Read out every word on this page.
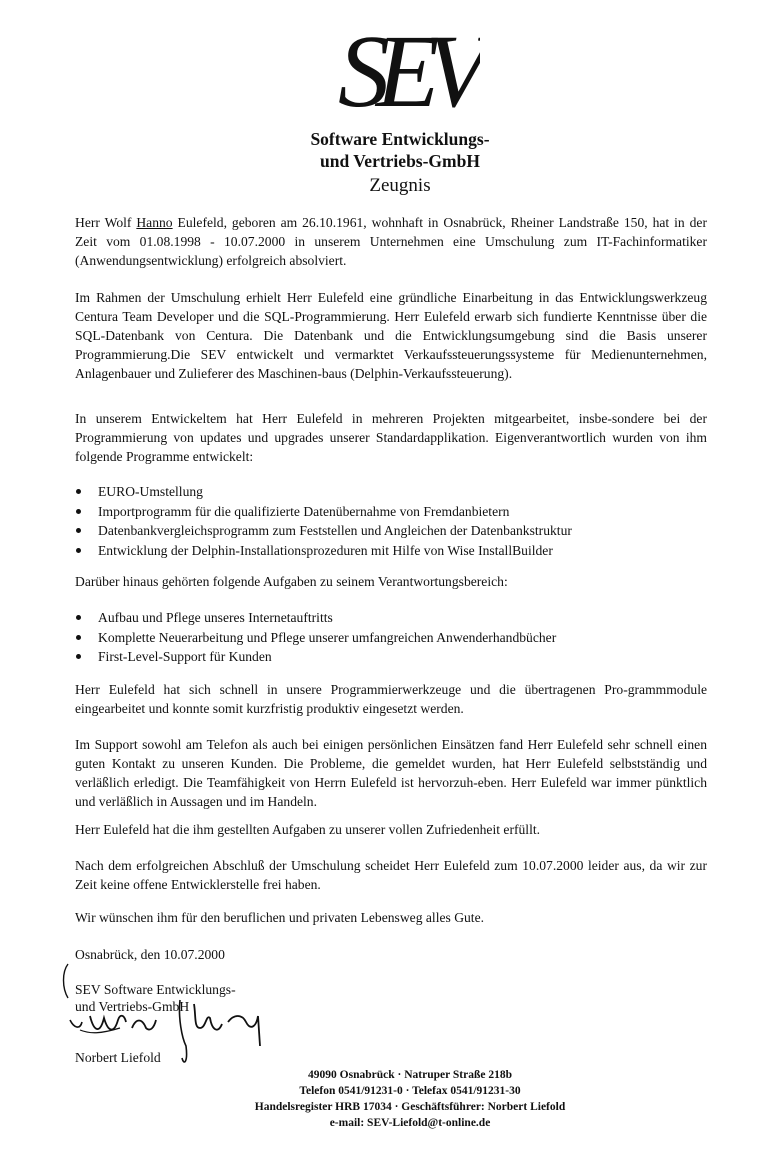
SEV
Software Entwicklungs-
und Vertriebs-GmbH
Zeugnis

Herr Wolf Hanno Eulefeld, geboren am 26.10.1961, wohnhaft in Osnabrück, Rheiner Landstraße 150, hat in der Zeit vom 01.08.1998 - 10.07.2000 in unserem Unternehmen eine Umschulung zum IT-Fachinformatiker (Anwendungsentwicklung) erfolgreich absolviert.

Im Rahmen der Umschulung erhielt Herr Eulefeld eine gründliche Einarbeitung in das Entwicklungswerkzeug Centura Team Developer und die SQL-Programmierung. Herr Eulefeld erwarb sich fundierte Kenntnisse über die SQL-Datenbank von Centura. Die Datenbank und die Entwicklungsumgebung sind die Basis unserer Programmierung.Die SEV entwickelt und vermarktet Verkaufssteuerungssysteme für Medienunternehmen, Anlagenbauer und Zulieferer des Maschinen-baus (Delphin-Verkaufssteuerung).

In unserem Entwickeltem hat Herr Eulefeld in mehreren Projekten mitgearbeitet, insbe-sondere bei der Programmierung von updates und upgrades unserer Standardapplikation. Eigenverantwortlich wurden von ihm folgende Programme entwickelt:

EURO-Umstellung
Importprogramm für die qualifizierte Datenübernahme von Fremdanbietern
Datenbankvergleichsprogramm zum Feststellen und Angleichen der Datenbankstruktur
Entwicklung der Delphin-Installationsprozeduren mit Hilfe von Wise InstallBuilder

Darüber hinaus gehörten folgende Aufgaben zu seinem Verantwortungsbereich:

Aufbau und Pflege unseres Internetauftritts
Komplette Neuerarbeitung und Pflege unserer umfangreichen Anwenderhandbücher
First-Level-Support für Kunden

Herr Eulefeld hat sich schnell in unsere Programmierwerkzeuge und die übertragenen Pro-grammmodule eingearbeitet und konnte somit kurzfristig produktiv eingesetzt werden.

Im Support sowohl am Telefon als auch bei einigen persönlichen Einsätzen fand Herr Eulefeld sehr schnell einen guten Kontakt zu unseren Kunden. Die Probleme, die gemeldet wurden, hat Herr Eulefeld selbstständig und verläßlich erledigt. Die Teamfähigkeit von Herrn Eulefeld ist hervorzuh-eben. Herr Eulefeld war immer pünktlich und verläßlich in Aussagen und im Handeln.

Herr Eulefeld hat die ihm gestellten Aufgaben zu unserer vollen Zufriedenheit erfüllt.

Nach dem erfolgreichen Abschluß der Umschulung scheidet Herr Eulefeld zum 10.07.2000 leider aus, da wir zur Zeit keine offene Entwicklerstelle frei haben.

Wir wünschen ihm für den beruflichen und privaten Lebensweg alles Gute.

Osnabrück, den 10.07.2000
SEV Software Entwicklungs-
und Vertriebs-GmbH
Norbert Liefold
49090 Osnabrück · Natruper Straße 218b
Telefon 0541/91231-0 · Telefax 0541/91231-30
Handelsregister HRB 17034 · Geschäftsführer: Norbert Liefold
e-mail: SEV-Liefold@t-online.de
